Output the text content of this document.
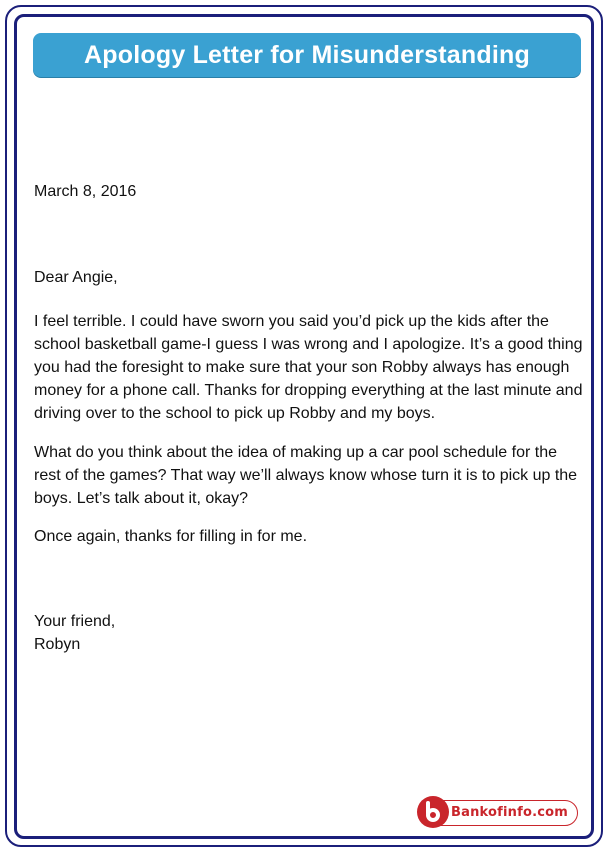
Apology Letter for Misunderstanding

March 8, 2016

Dear Angie,

I feel terrible. I could have sworn you said you’d pick up the kids after the school basketball game-I guess I was wrong and I apologize. It’s a good thing you had the foresight to make sure that your son Robby always has enough money for a phone call. Thanks for dropping everything at the last minute and driving over to the school to pick up Robby and my boys.

What do you think about the idea of making up a car pool schedule for the rest of the games? That way we’ll always know whose turn it is to pick up the boys. Let’s talk about it, okay?

Once again, thanks for filling in for me.

Your friend,

Robyn

Bankofinfo.com
